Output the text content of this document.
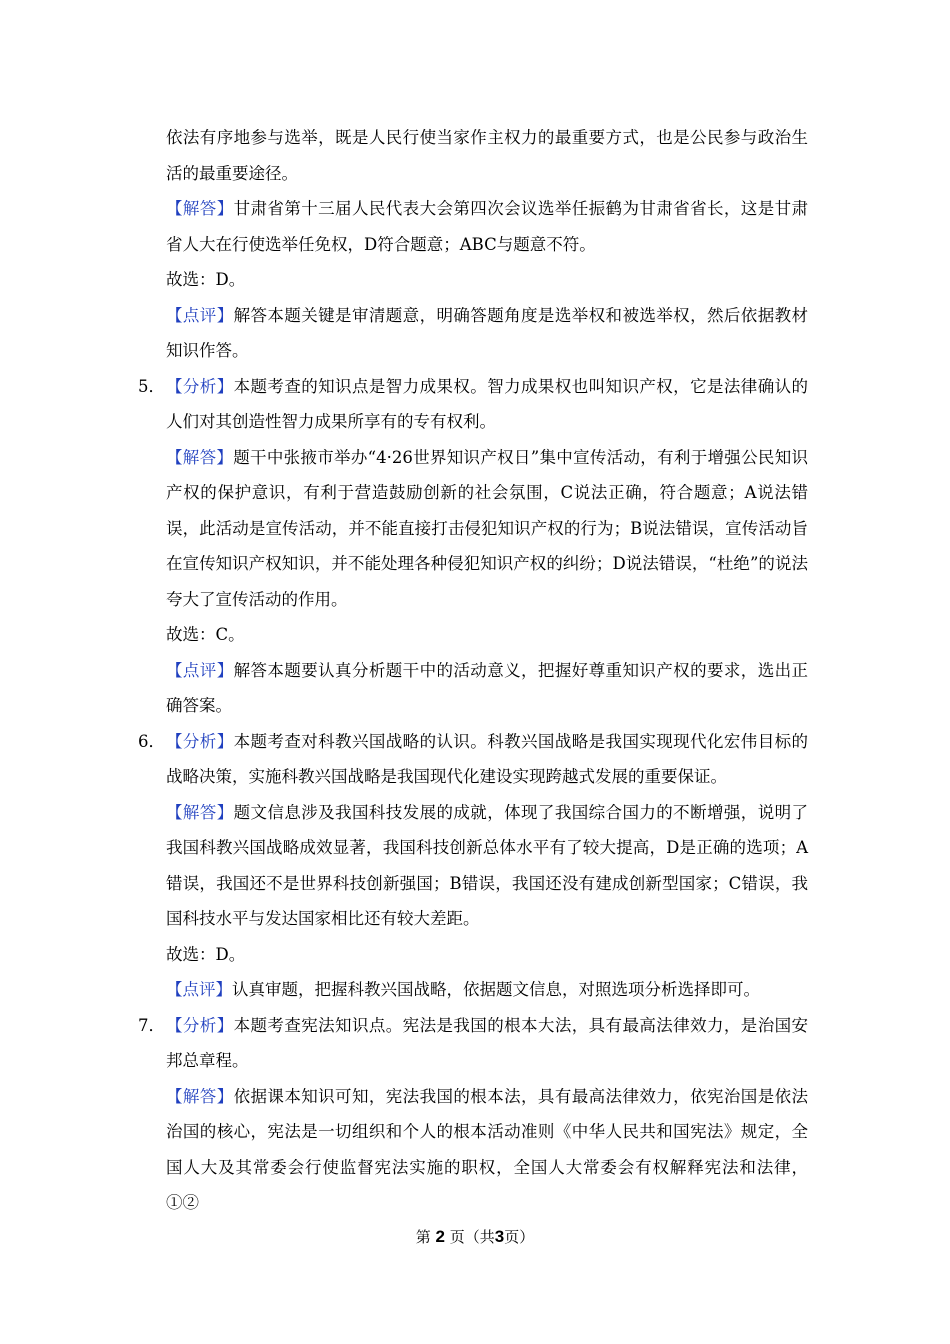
依法有序地参与选举，既是人民行使当家作主权力的最重要方式，也是公民参与政治生活的最重要途径。

【解答】甘肃省第十三届人民代表大会第四次会议选举任振鹤为甘肃省省长，这是甘肃省人大在行使选举任免权，D符合题意；ABC与题意不符。

故选：D。

【点评】解答本题关键是审清题意，明确答题角度是选举权和被选举权，然后依据教材知识作答。

5． 【分析】本题考查的知识点是智力成果权。智力成果权也叫知识产权，它是法律确认的人们对其创造性智力成果所享有的专有权利。

【解答】题干中张掖市举办“4·26世界知识产权日”集中宣传活动，有利于增强公民知识产权的保护意识，有利于营造鼓励创新的社会氛围，C说法正确，符合题意；A说法错误，此活动是宣传活动，并不能直接打击侵犯知识产权的行为；B说法错误，宣传活动旨在宣传知识产权知识，并不能处理各种侵犯知识产权的纠纷；D说法错误，“杜绝”的说法夸大了宣传活动的作用。

故选：C。

【点评】解答本题要认真分析题干中的活动意义，把握好尊重知识产权的要求，选出正确答案。

6． 【分析】本题考查对科教兴国战略的认识。科教兴国战略是我国实现现代化宏伟目标的战略决策，实施科教兴国战略是我国现代化建设实现跨越式发展的重要保证。

【解答】题文信息涉及我国科技发展的成就，体现了我国综合国力的不断增强，说明了我国科教兴国战略成效显著，我国科技创新总体水平有了较大提高，D是正确的选项；A错误，我国还不是世界科技创新强国；B错误，我国还没有建成创新型国家；C错误，我国科技水平与发达国家相比还有较大差距。

故选：D。

【点评】认真审题，把握科教兴国战略，依据题文信息，对照选项分析选择即可。

7． 【分析】本题考查宪法知识点。宪法是我国的根本大法，具有最高法律效力，是治国安邦总章程。

【解答】依据课本知识可知，宪法我国的根本法，具有最高法律效力，依宪治国是依法治国的核心，宪法是一切组织和个人的根本活动准则《中华人民共和国宪法》规定，全国人大及其常委会行使监督宪法实施的职权，全国人大常委会有权解释宪法和法律，①②

第 2 页（共3页）
